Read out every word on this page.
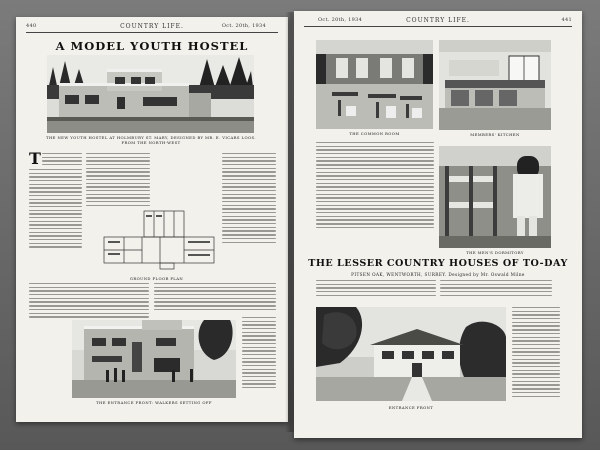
440	COUNTRY LIFE.	Oct. 20th, 1934
A MODEL YOUTH HOSTEL
THE NEW YOUTH HOSTEL AT HOLMBURY ST. MARY, DESIGNED BY MR. E. VICARS LOOS.
FROM THE NORTH-WEST
T
GROUND FLOOR PLAN
THE ENTRANCE FRONT: WALKERS SETTING OFF
Oct. 20th, 1934	COUNTRY LIFE.	441
THE COMMON ROOM	MEMBERS' KITCHEN
THE MEN'S DORMITORY
THE LESSER COUNTRY HOUSES OF TO-DAY
PITSEN OAK, WENTWORTH, SURREY. Designed by Mr. Oswald Milne
ENTRANCE FRONT
